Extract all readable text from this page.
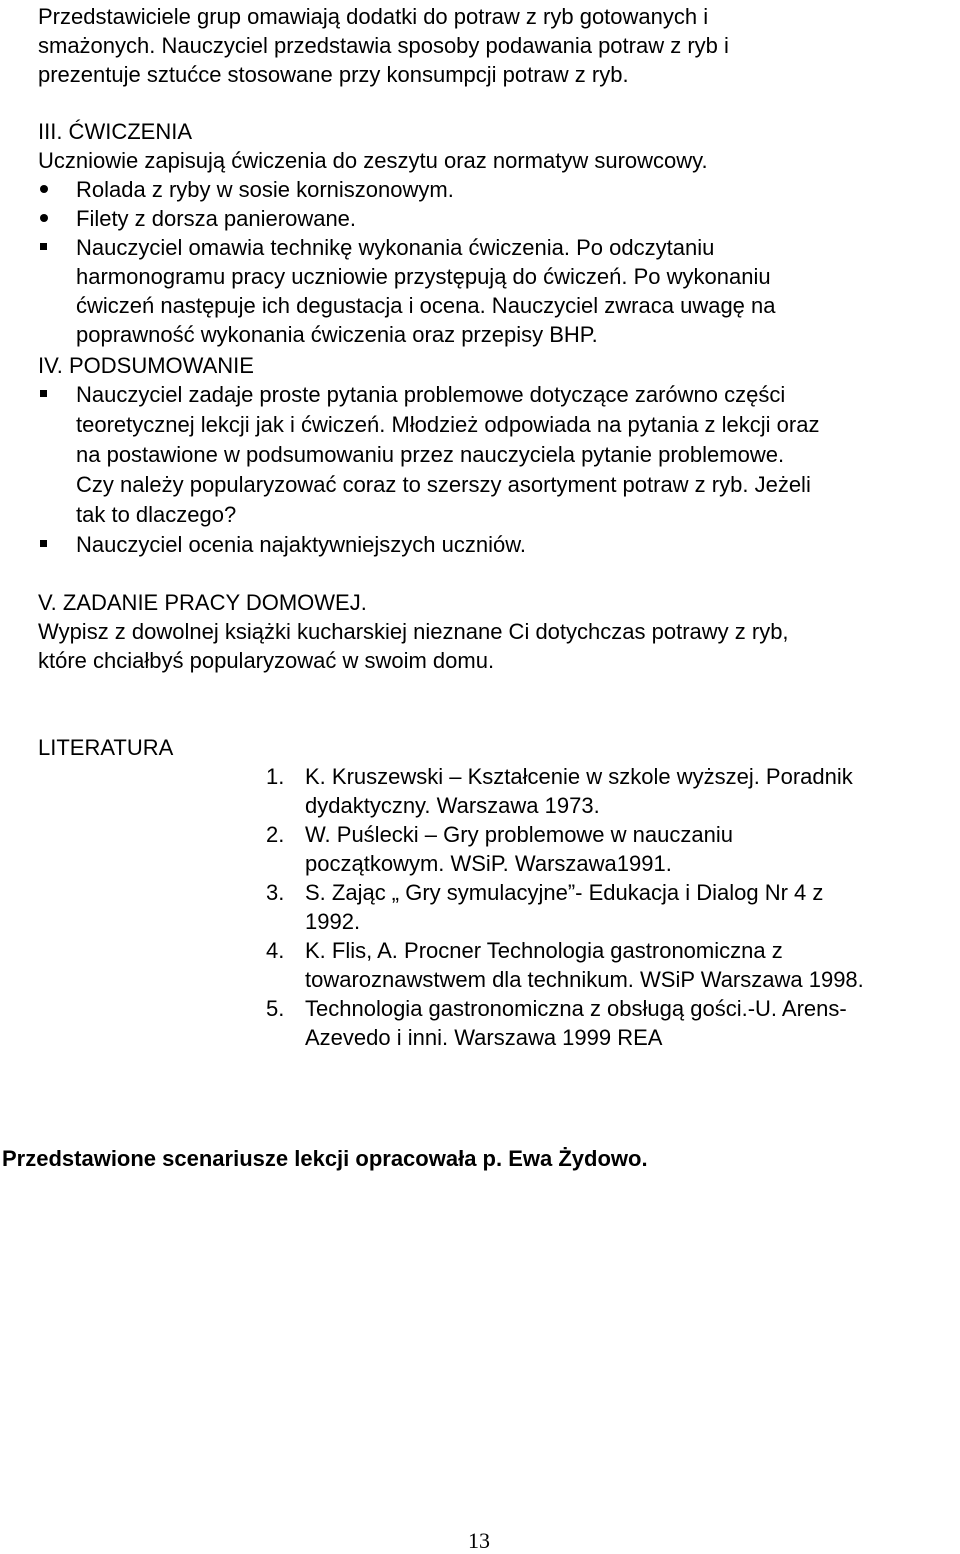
Przedstawiciele grup omawiają dodatki do potraw z ryb gotowanych i

smażonych. Nauczyciel przedstawia sposoby podawania potraw z ryb i

prezentuje sztućce stosowane przy konsumpcji potraw z ryb.

III. ĆWICZENIA

Uczniowie zapisują ćwiczenia do zeszytu oraz normatyw surowcowy.

Rolada z ryby w sosie korniszonowym.

Filety z dorsza panierowane.

Nauczyciel omawia technikę wykonania ćwiczenia. Po odczytaniu

harmonogramu pracy uczniowie przystępują do ćwiczeń. Po wykonaniu

ćwiczeń następuje ich degustacja i ocena. Nauczyciel zwraca uwagę na

poprawność wykonania ćwiczenia oraz przepisy BHP.

IV. PODSUMOWANIE

Nauczyciel zadaje proste pytania problemowe dotyczące zarówno części

teoretycznej lekcji jak i ćwiczeń. Młodzież odpowiada na pytania z lekcji oraz

na postawione w podsumowaniu przez nauczyciela pytanie problemowe.

Czy należy popularyzować coraz to szerszy asortyment potraw z ryb. Jeżeli

tak to dlaczego?

Nauczyciel ocenia najaktywniejszych uczniów.

V. ZADANIE PRACY DOMOWEJ.

Wypisz z dowolnej książki kucharskiej nieznane Ci dotychczas potrawy z ryb,

które chciałbyś popularyzować w swoim domu.

LITERATURA

1. K. Kruszewski – Kształcenie w szkole wyższej. Poradnik

dydaktyczny. Warszawa 1973.

2. W. Puślecki – Gry problemowe w nauczaniu

początkowym. WSiP. Warszawa1991.

3. S. Zając „ Gry symulacyjne”- Edukacja i Dialog Nr 4 z

1992.

4. K. Flis, A. Procner Technologia gastronomiczna z

towaroznawstwem dla technikum. WSiP Warszawa 1998.

5. Technologia gastronomiczna z obsługą gości.-U. Arens-

Azevedo i inni. Warszawa 1999 REA

Przedstawione scenariusze lekcji opracowała p. Ewa Żydowo.

13
